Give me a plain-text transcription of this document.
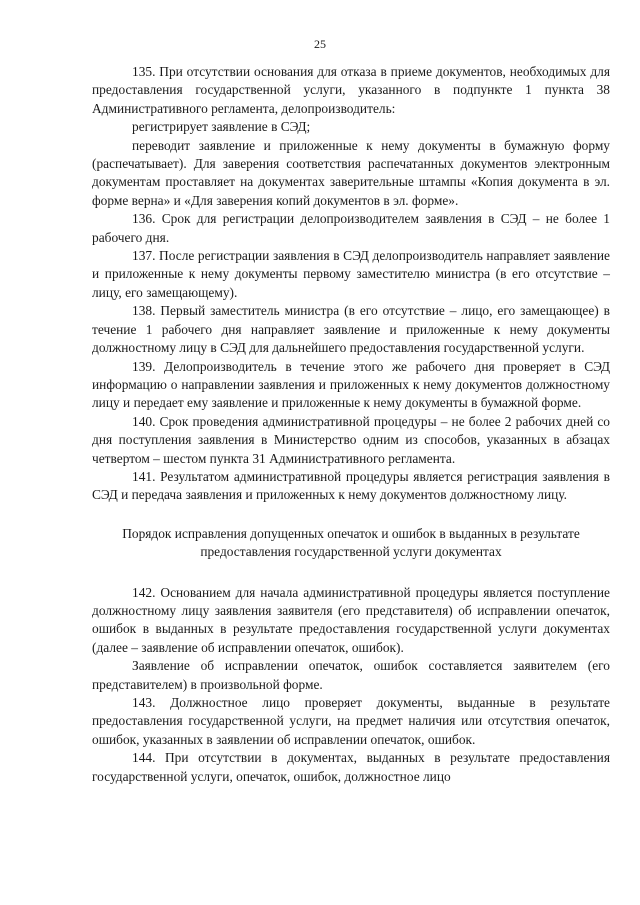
25

135. При отсутствии основания для отказа в приеме документов, необходимых для предоставления государственной услуги, указанного в подпункте 1 пункта 38 Административного регламента, делопроизводитель:

регистрирует заявление в СЭД;

переводит заявление и приложенные к нему документы в бумажную форму (распечатывает). Для заверения соответствия распечатанных документов электронным документам проставляет на документах заверительные штампы «Копия документа в эл. форме верна» и «Для заверения копий документов в эл. форме».

136. Срок для регистрации делопроизводителем заявления в СЭД – не более 1 рабочего дня.

137. После регистрации заявления в СЭД делопроизводитель направляет заявление и приложенные к нему документы первому заместителю министра (в его отсутствие – лицу, его замещающему).

138. Первый заместитель министра (в его отсутствие – лицо, его замещающее) в течение 1 рабочего дня направляет заявление и приложенные к нему документы должностному лицу в СЭД для дальнейшего предоставления государственной услуги.

139. Делопроизводитель в течение этого же рабочего дня проверяет в СЭД информацию о направлении заявления и приложенных к нему документов должностному лицу и передает ему заявление и приложенные к нему документы в бумажной форме.

140. Срок проведения административной процедуры – не более 2 рабочих дней со дня поступления заявления в Министерство одним из способов, указанных в абзацах четвертом – шестом пункта 31 Административного регламента.

141. Результатом административной процедуры является регистрация заявления в СЭД и передача заявления и приложенных к нему документов должностному лицу.

Порядок исправления допущенных опечаток и ошибок в выданных в результате предоставления государственной услуги документах

142. Основанием для начала административной процедуры является поступление должностному лицу заявления заявителя (его представителя) об исправлении опечаток, ошибок в выданных в результате предоставления государственной услуги документах (далее – заявление об исправлении опечаток, ошибок).

Заявление об исправлении опечаток, ошибок составляется заявителем (его представителем) в произвольной форме.

143. Должностное лицо проверяет документы, выданные в результате предоставления государственной услуги, на предмет наличия или отсутствия опечаток, ошибок, указанных в заявлении об исправлении опечаток, ошибок.

144. При отсутствии в документах, выданных в результате предоставления государственной услуги, опечаток, ошибок, должностное лицо
